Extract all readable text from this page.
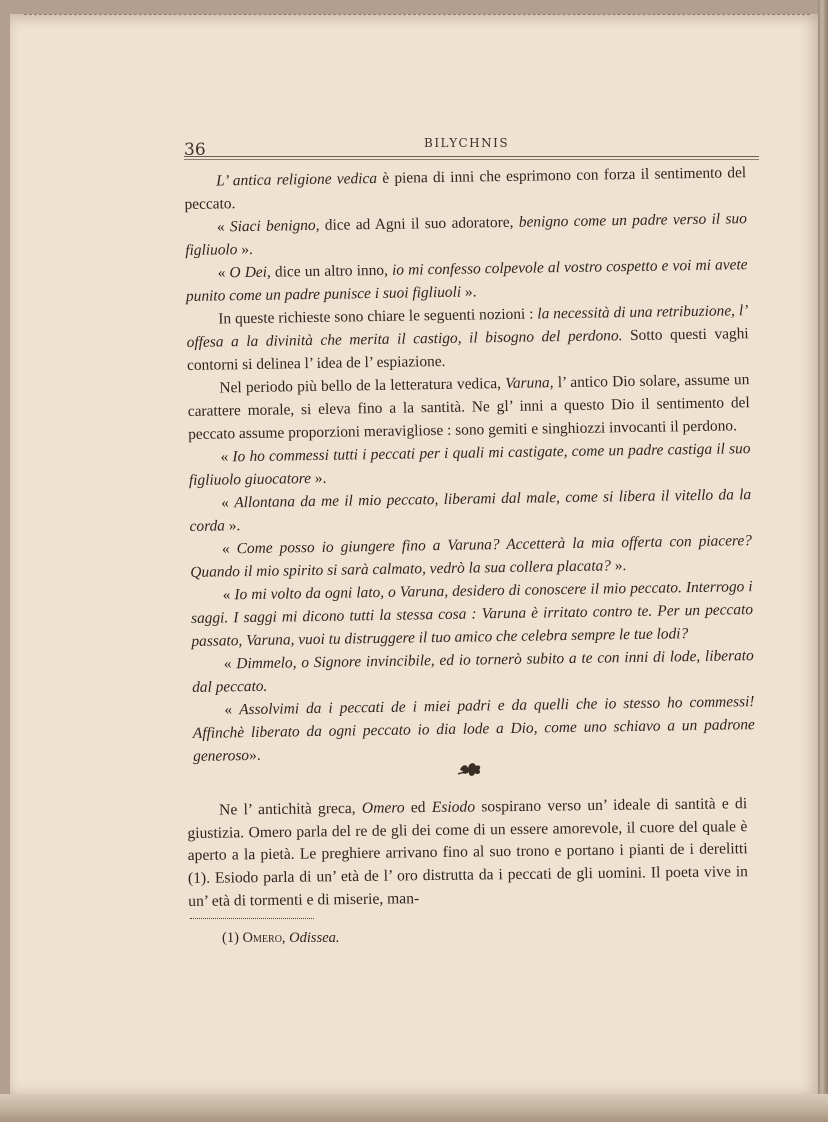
36	BILYCHNIS

L’ antica religione vedica è piena di inni che esprimono con forza il sentimento del peccato.

« Siaci benigno, dice ad Agni il suo adoratore, benigno come un padre verso il suo figliuolo ».

« O Dei, dice un altro inno, io mi confesso colpevole al vostro cospetto e voi mi avete punito come un padre punisce i suoi figliuoli ».

In queste richieste sono chiare le seguenti nozioni : la necessità di una retribuzione, l’ offesa a la divinità che merita il castigo, il bisogno del perdono. Sotto questi vaghi contorni si delinea l’ idea de l’ espiazione.

Nel periodo più bello de la letteratura vedica, Varuna, l’ antico Dio solare, assume un carattere morale, si eleva fino a la santità. Ne gl’ inni a questo Dio il sentimento del peccato assume proporzioni meravigliose : sono gemiti e singhiozzi invocanti il perdono.

« Io ho commessi tutti i peccati per i quali mi castigate, come un padre castiga il suo figliuolo giuocatore ».

« Allontana da me il mio peccato, liberami dal male, come si libera il vitello da la corda ».

« Come posso io giungere fino a Varuna? Accetterà la mia offerta con piacere? Quando il mio spirito si sarà calmato, vedrò la sua collera placata? ».

« Io mi volto da ogni lato, o Varuna, desidero di conoscere il mio peccato. Interrogo i saggi. I saggi mi dicono tutti la stessa cosa : Varuna è irritato contro te. Per un peccato passato, Varuna, vuoi tu distruggere il tuo amico che celebra sempre le tue lodi?

« Dimmelo, o Signore invincibile, ed io tornerò subito a te con inni di lode, liberato dal peccato.

« Assolvimi da i peccati de i miei padri e da quelli che io stesso ho commessi! Affinchè liberato da ogni peccato io dia lode a Dio, come uno schiavo a un padrone generoso».

Ne l’ antichità greca, Omero ed Esiodo sospirano verso un’ ideale di santità e di giustizia. Omero parla del re de gli dei come di un essere amorevole, il cuore del quale è aperto a la pietà. Le preghiere arrivano fino al suo trono e portano i pianti de i derelitti (1). Esiodo parla di un’ età de l’ oro distrutta da i peccati de gli uomini. Il poeta vive in un’ età di tormenti e di miserie, man-

(1) Omero, Odissea.
